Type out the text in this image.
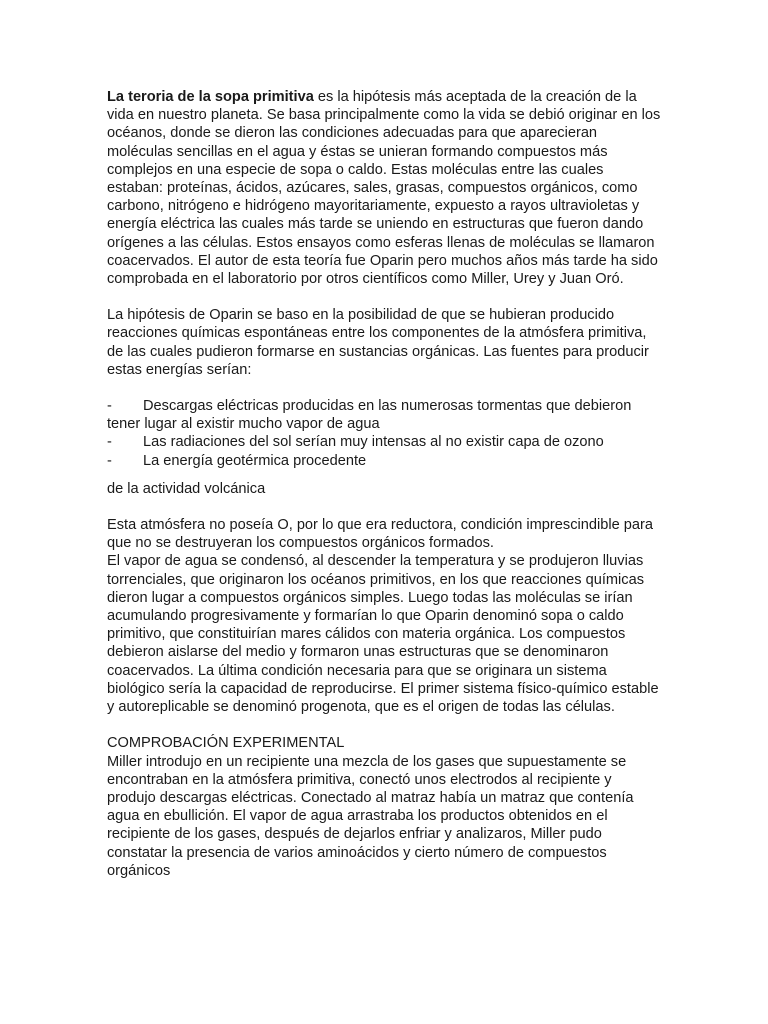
La teroria de la sopa primitiva es la hipótesis más aceptada de la creación de la vida en nuestro planeta. Se basa principalmente como la vida se debió originar en los océanos, donde se dieron las condiciones adecuadas para que aparecieran moléculas sencillas en el agua y éstas se unieran formando compuestos más complejos en una especie de sopa o caldo. Estas moléculas entre las cuales estaban: proteínas, ácidos, azúcares, sales, grasas, compuestos orgánicos, como carbono, nitrógeno e hidrógeno mayoritariamente, expuesto a rayos ultravioletas y energía eléctrica las cuales más tarde se uniendo en estructuras que fueron dando orígenes a las células. Estos ensayos como esferas llenas de moléculas se llamaron coacervados. El autor de esta teoría fue Oparin pero muchos años más tarde ha sido comprobada en el laboratorio por otros científicos como Miller, Urey y Juan Oró.

La hipótesis de Oparin se baso en la posibilidad de que se hubieran producido reacciones químicas espontáneas entre los componentes de la atmósfera primitiva, de las cuales pudieron formarse en sustancias orgánicas. Las fuentes para producir estas energías serían:

- Descargas eléctricas producidas en las numerosas tormentas que debieron tener lugar al existir mucho vapor de agua

- Las radiaciones del sol serían muy intensas al no existir capa de ozono

- La energía geotérmica procedente

de la actividad volcánica

Esta atmósfera no poseía O, por lo que era reductora, condición imprescindible para que no se destruyeran los compuestos orgánicos formados.

El vapor de agua se condensó, al descender la temperatura y se produjeron lluvias torrenciales, que originaron los océanos primitivos, en los que reacciones químicas dieron lugar a compuestos orgánicos simples. Luego todas las moléculas se irían acumulando progresivamente y formarían lo que Oparin denominó sopa o caldo primitivo, que constituirían mares cálidos con materia orgánica. Los compuestos debieron aislarse del medio y formaron unas estructuras que se denominaron coacervados. La última condición necesaria para que se originara un sistema biológico sería la capacidad de reproducirse. El primer sistema físico-químico estable y autoreplicable se denominó progenota, que es el origen de todas las células.

COMPROBACIÓN EXPERIMENTAL

Miller introdujo en un recipiente una mezcla de los gases que supuestamente se encontraban en la atmósfera primitiva, conectó unos electrodos al recipiente y produjo descargas eléctricas. Conectado al matraz había un matraz que contenía agua en ebullición. El vapor de agua arrastraba los productos obtenidos en el recipiente de los gases, después de dejarlos enfriar y analizaros, Miller pudo constatar la presencia de varios aminoácidos y cierto número de compuestos orgánicos
